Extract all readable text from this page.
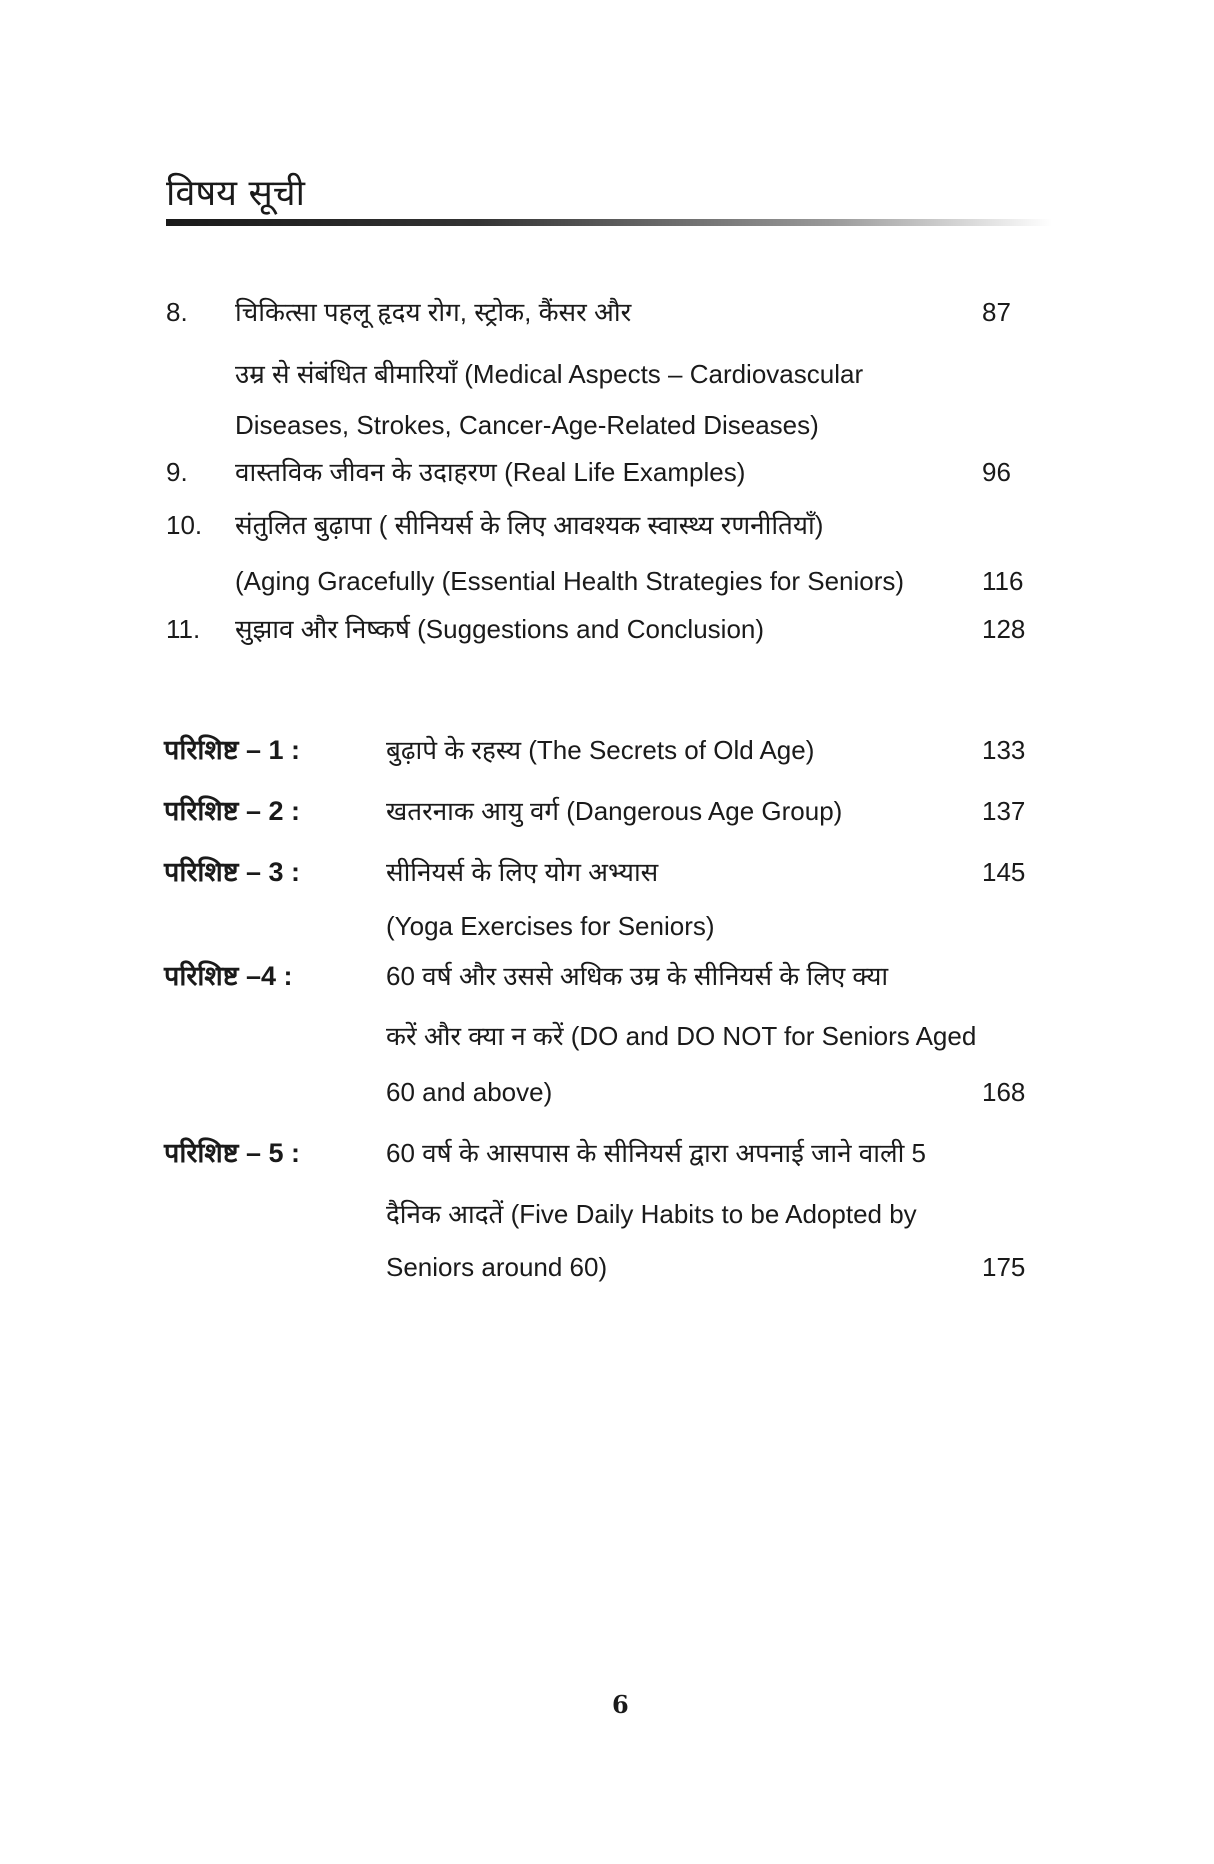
विषय सूची
8. चिकित्सा पहलू हृदय रोग, स्ट्रोक, कैंसर और	87
उम्र से संबंधित बीमारियाँ (Medical Aspects – Cardiovascular
Diseases, Strokes, Cancer-Age-Related Diseases)
9. वास्तविक जीवन के उदाहरण (Real Life Examples)	96
10. संतुलित बुढ़ापा ( सीनियर्स के लिए आवश्यक स्वास्थ्य रणनीतियाँ)
(Aging Gracefully (Essential Health Strategies for Seniors)	116
11. सुझाव और निष्कर्ष (Suggestions and Conclusion)	128
परिशिष्ट – 1 :	बुढ़ापे के रहस्य (The Secrets of Old Age)	133
परिशिष्ट – 2 :	खतरनाक आयु वर्ग (Dangerous Age Group)	137
परिशिष्ट – 3 :	सीनियर्स के लिए योग अभ्यास	145
(Yoga Exercises for Seniors)
परिशिष्ट –4 :	60 वर्ष और उससे अधिक उम्र के सीनियर्स के लिए क्या
करें और क्या न करें (DO and DO NOT for Seniors Aged
60 and above)	168
परिशिष्ट – 5 :	60 वर्ष के आसपास के सीनियर्स द्वारा अपनाई जाने वाली 5
दैनिक आदतें (Five Daily Habits to be Adopted by
Seniors around 60)	175
6
